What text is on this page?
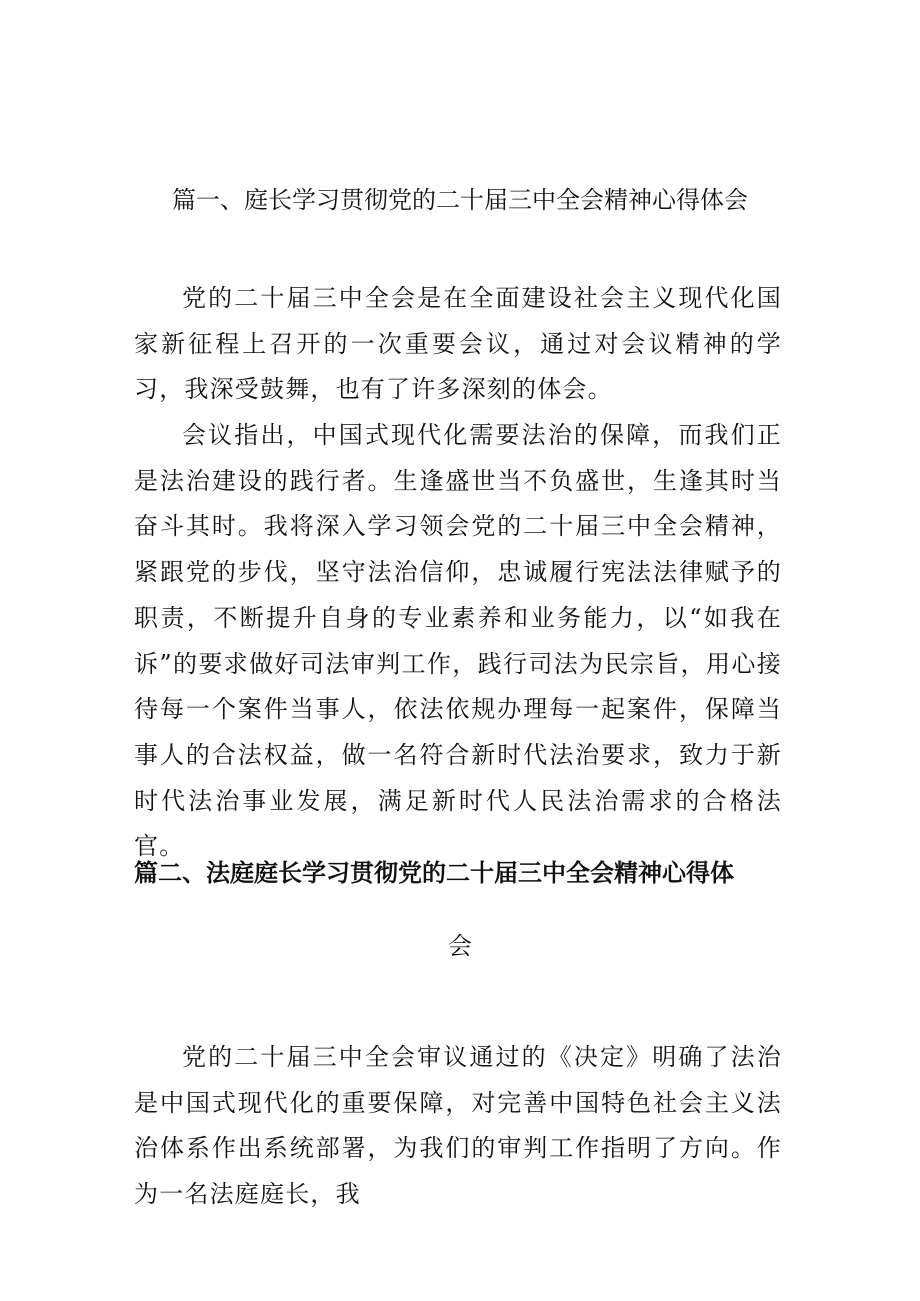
篇一、庭长学习贯彻党的二十届三中全会精神心得体会

党的二十届三中全会是在全面建设社会主义现代化国家新征程上召开的一次重要会议，通过对会议精神的学习，我深受鼓舞，也有了许多深刻的体会。

会议指出，中国式现代化需要法治的保障，而我们正是法治建设的践行者。生逢盛世当不负盛世，生逢其时当奋斗其时。我将深入学习领会党的二十届三中全会精神，紧跟党的步伐，坚守法治信仰，忠诚履行宪法法律赋予的职责，不断提升自身的专业素养和业务能力，以“如我在诉”的要求做好司法审判工作，践行司法为民宗旨，用心接待每一个案件当事人，依法依规办理每一起案件，保障当事人的合法权益，做一名符合新时代法治要求，致力于新时代法治事业发展，满足新时代人民法治需求的合格法官。

篇二、法庭庭长学习贯彻党的二十届三中全会精神心得体
会

党的二十届三中全会审议通过的《决定》明确了法治是中国式现代化的重要保障，对完善中国特色社会主义法治体系作出系统部署，为我们的审判工作指明了方向。作为一名法庭庭长，我
